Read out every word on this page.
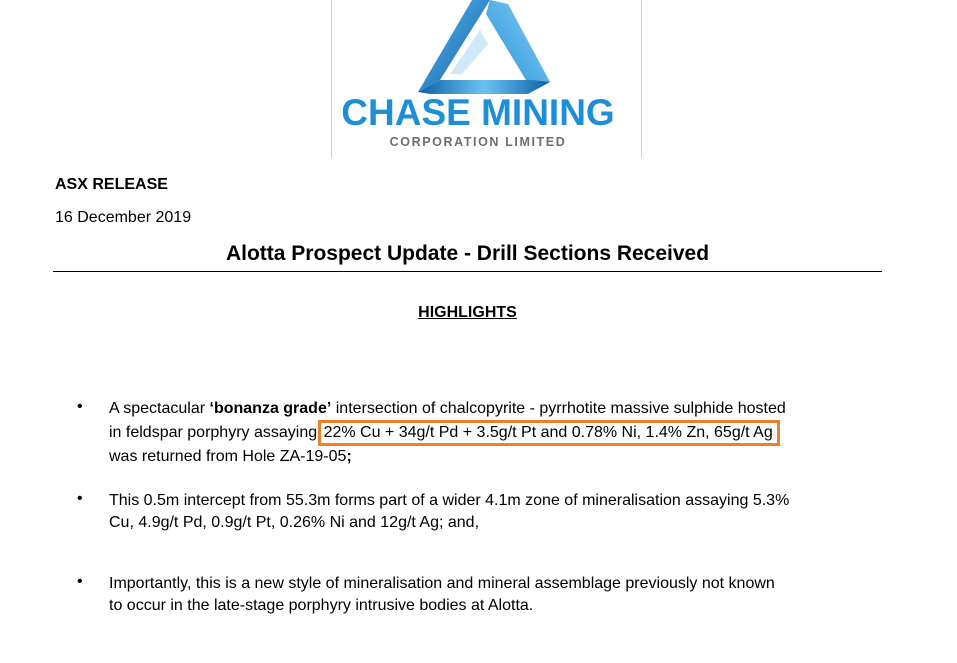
CHASE MINING
CORPORATION LIMITED
ASX RELEASE
16 December 2019
Alotta Prospect Update - Drill Sections Received
HIGHLIGHTS
• A spectacular ‘bonanza grade’ intersection of chalcopyrite - pyrrhotite massive sulphide hosted
in feldspar porphyry assaying 22% Cu + 34g/t Pd + 3.5g/t Pt and 0.78% Ni, 1.4% Zn, 65g/t Ag
was returned from Hole ZA-19-05;
• This 0.5m intercept from 55.3m forms part of a wider 4.1m zone of mineralisation assaying 5.3%
Cu, 4.9g/t Pd, 0.9g/t Pt, 0.26% Ni and 12g/t Ag; and,
• Importantly, this is a new style of mineralisation and mineral assemblage previously not known
to occur in the late-stage porphyry intrusive bodies at Alotta.
